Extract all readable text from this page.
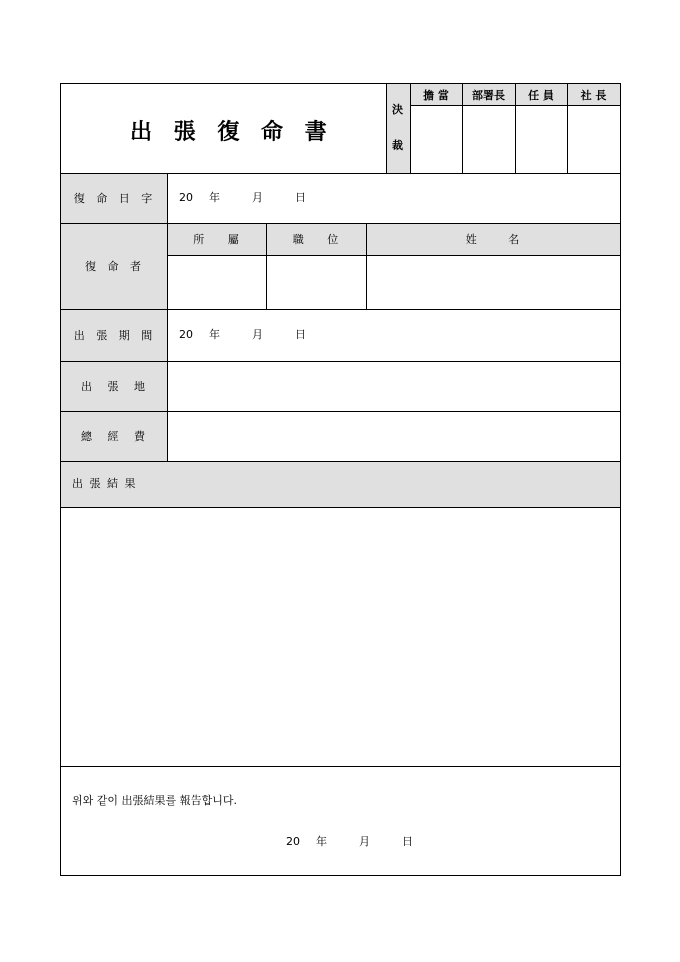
出 張 復 命 書
決
裁
擔 當	部署長	任 員	社 長
復 命 日 字	20 年	月	日
復 命 者
所 屬	職 位	姓 名
出 張 期 間	20 年	月	日
出 張 地
總 經 費
出 張 結 果
위와 같이 出張結果를 報告합니다.
20 年	月	日
